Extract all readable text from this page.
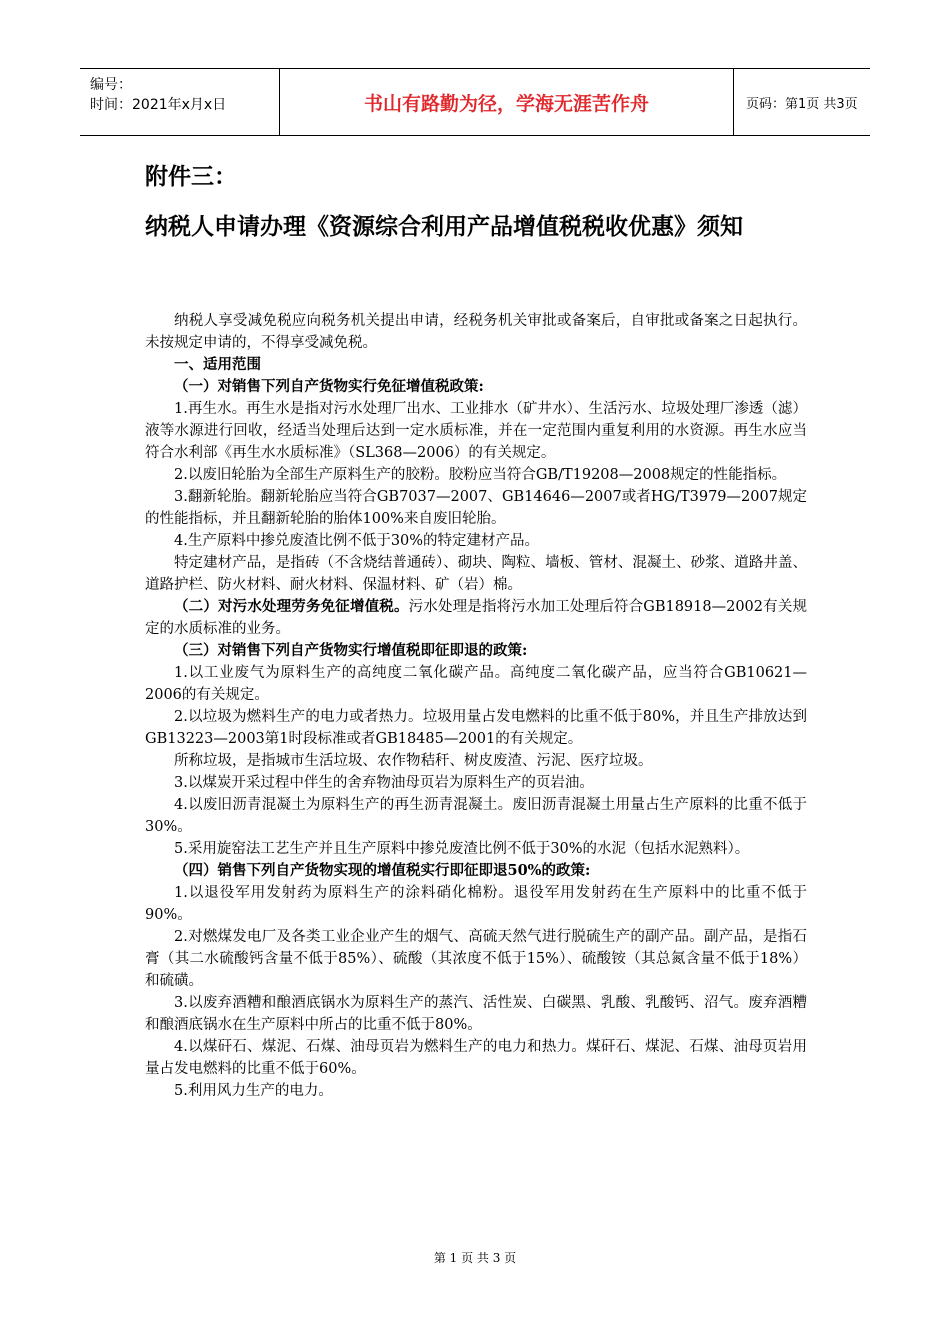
编号：
时间：2021年x月x日	书山有路勤为径，学海无涯苦作舟	页码：第1页 共3页
附件三：
纳税人申请办理《资源综合利用产品增值税税收优惠》须知

纳税人享受减免税应向税务机关提出申请，经税务机关审批或备案后，自审批或备案之日起执行。未按规定申请的，不得享受减免税。

一、适用范围

（一）对销售下列自产货物实行免征增值税政策:

1.再生水。再生水是指对污水处理厂出水、工业排水（矿井水）、生活污水、垃圾处理厂渗透（滤）液等水源进行回收，经适当处理后达到一定水质标准，并在一定范围内重复利用的水资源。再生水应当符合水利部《再生水水质标准》（SL368—2006）的有关规定。

2.以废旧轮胎为全部生产原料生产的胶粉。胶粉应当符合GB/T19208—2008规定的性能指标。

3.翻新轮胎。翻新轮胎应当符合GB7037—2007、GB14646—2007或者HG/T3979—2007规定的性能指标，并且翻新轮胎的胎体100%来自废旧轮胎。

4.生产原料中掺兑废渣比例不低于30%的特定建材产品。

特定建材产品，是指砖（不含烧结普通砖）、砌块、陶粒、墙板、管材、混凝土、砂浆、道路井盖、道路护栏、防火材料、耐火材料、保温材料、矿（岩）棉。

（二）对污水处理劳务免征增值税。污水处理是指将污水加工处理后符合GB18918—2002有关规定的水质标准的业务。

（三）对销售下列自产货物实行增值税即征即退的政策:

1.以工业废气为原料生产的高纯度二氧化碳产品。高纯度二氧化碳产品，应当符合GB10621—2006的有关规定。

2.以垃圾为燃料生产的电力或者热力。垃圾用量占发电燃料的比重不低于80%，并且生产排放达到GB13223—2003第1时段标准或者GB18485—2001的有关规定。

所称垃圾，是指城市生活垃圾、农作物秸秆、树皮废渣、污泥、医疗垃圾。

3.以煤炭开采过程中伴生的舍弃物油母页岩为原料生产的页岩油。

4.以废旧沥青混凝土为原料生产的再生沥青混凝土。废旧沥青混凝土用量占生产原料的比重不低于30%。

5.采用旋窑法工艺生产并且生产原料中掺兑废渣比例不低于30%的水泥（包括水泥熟料）。

（四）销售下列自产货物实现的增值税实行即征即退50%的政策:

1.以退役军用发射药为原料生产的涂料硝化棉粉。退役军用发射药在生产原料中的比重不低于90%。

2.对燃煤发电厂及各类工业企业产生的烟气、高硫天然气进行脱硫生产的副产品。副产品，是指石膏（其二水硫酸钙含量不低于85%）、硫酸（其浓度不低于15%）、硫酸铵（其总氮含量不低于18%）和硫磺。

3.以废弃酒糟和酿酒底锅水为原料生产的蒸汽、活性炭、白碳黑、乳酸、乳酸钙、沼气。废弃酒糟和酿酒底锅水在生产原料中所占的比重不低于80%。

4.以煤矸石、煤泥、石煤、油母页岩为燃料生产的电力和热力。煤矸石、煤泥、石煤、油母页岩用量占发电燃料的比重不低于60%。

5.利用风力生产的电力。

第 1 页 共 3 页
